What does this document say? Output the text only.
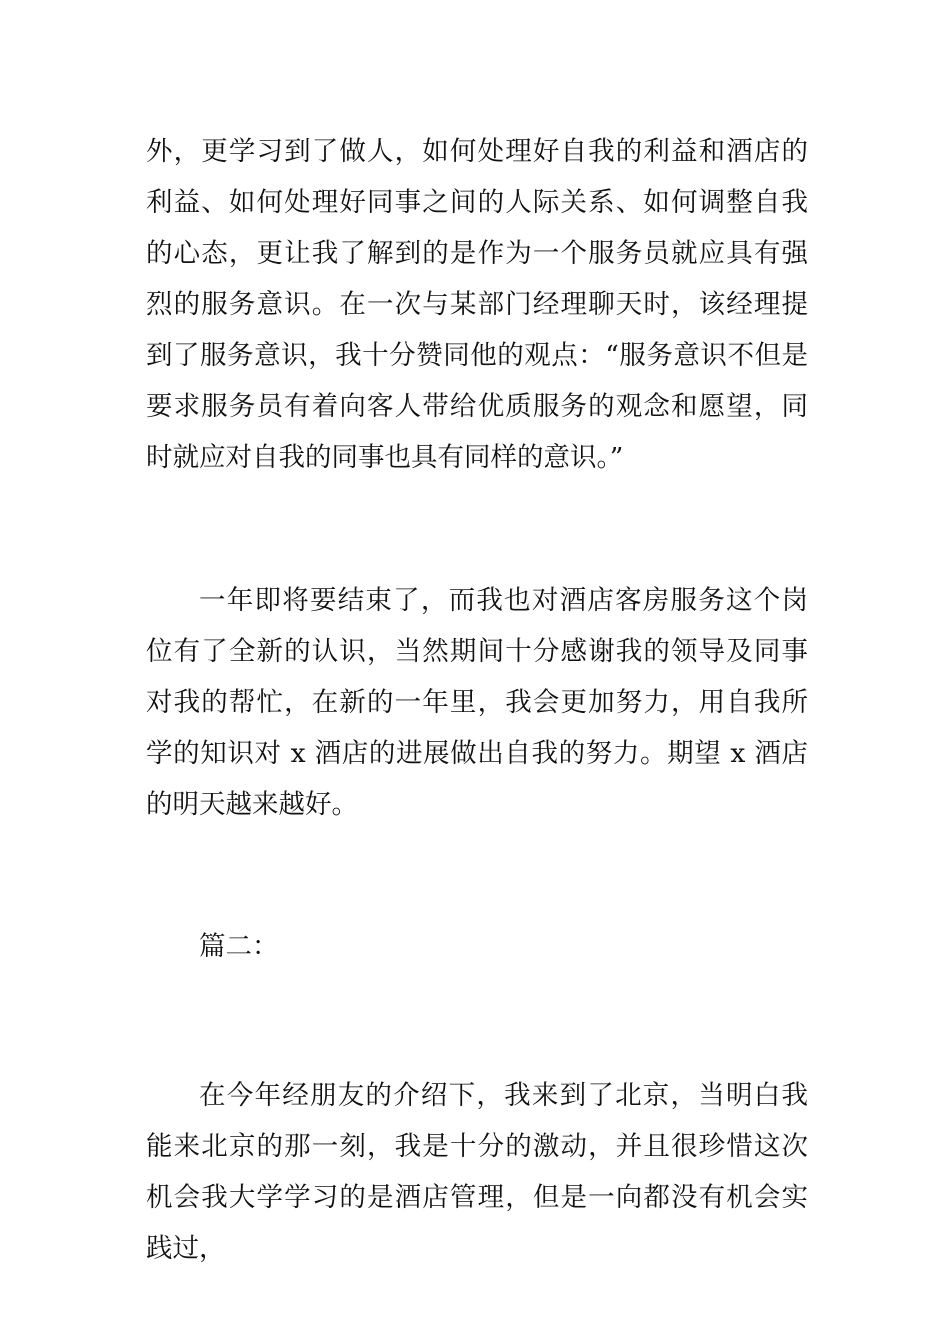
外，更学习到了做人，如何处理好自我的利益和酒店的利益、如何处理好同事之间的人际关系、如何调整自我的心态，更让我了解到的是作为一个服务员就应具有强烈的服务意识。在一次与某部门经理聊天时，该经理提到了服务意识，我十分赞同他的观点：“服务意识不但是要求服务员有着向客人带给优质服务的观念和愿望，同时就应对自我的同事也具有同样的意识。”

一年即将要结束了，而我也对酒店客房服务这个岗位有了全新的认识，当然期间十分感谢我的领导及同事对我的帮忙，在新的一年里，我会更加努力，用自我所学的知识对 x 酒店的进展做出自我的努力。期望 x 酒店的明天越来越好。

篇二：

在今年经朋友的介绍下，我来到了北京，当明白我能来北京的那一刻，我是十分的激动，并且很珍惜这次机会我大学学习的是酒店管理，但是一向都没有机会实践过，
